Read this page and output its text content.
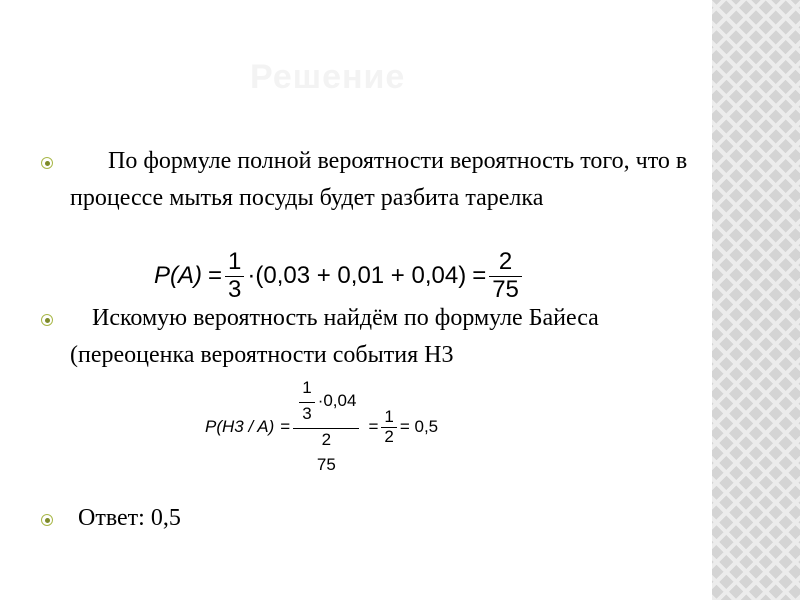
Решение
По формуле полной вероятности вероятность того, что в процессе мытья посуды будет разбита тарелка
$P(A) = \frac{1}{3} \cdot(0,03 + 0,01 + 0,04) = \frac{2}{75}$
Искомую вероятность найдём по формуле Байеса (переоценка вероятности события Н3
$P(H3 / A) = \frac{1}{3} \cdot 0,04$
2
$75 = \frac{1}{2} = 0,5$
Ответ: 0,5
